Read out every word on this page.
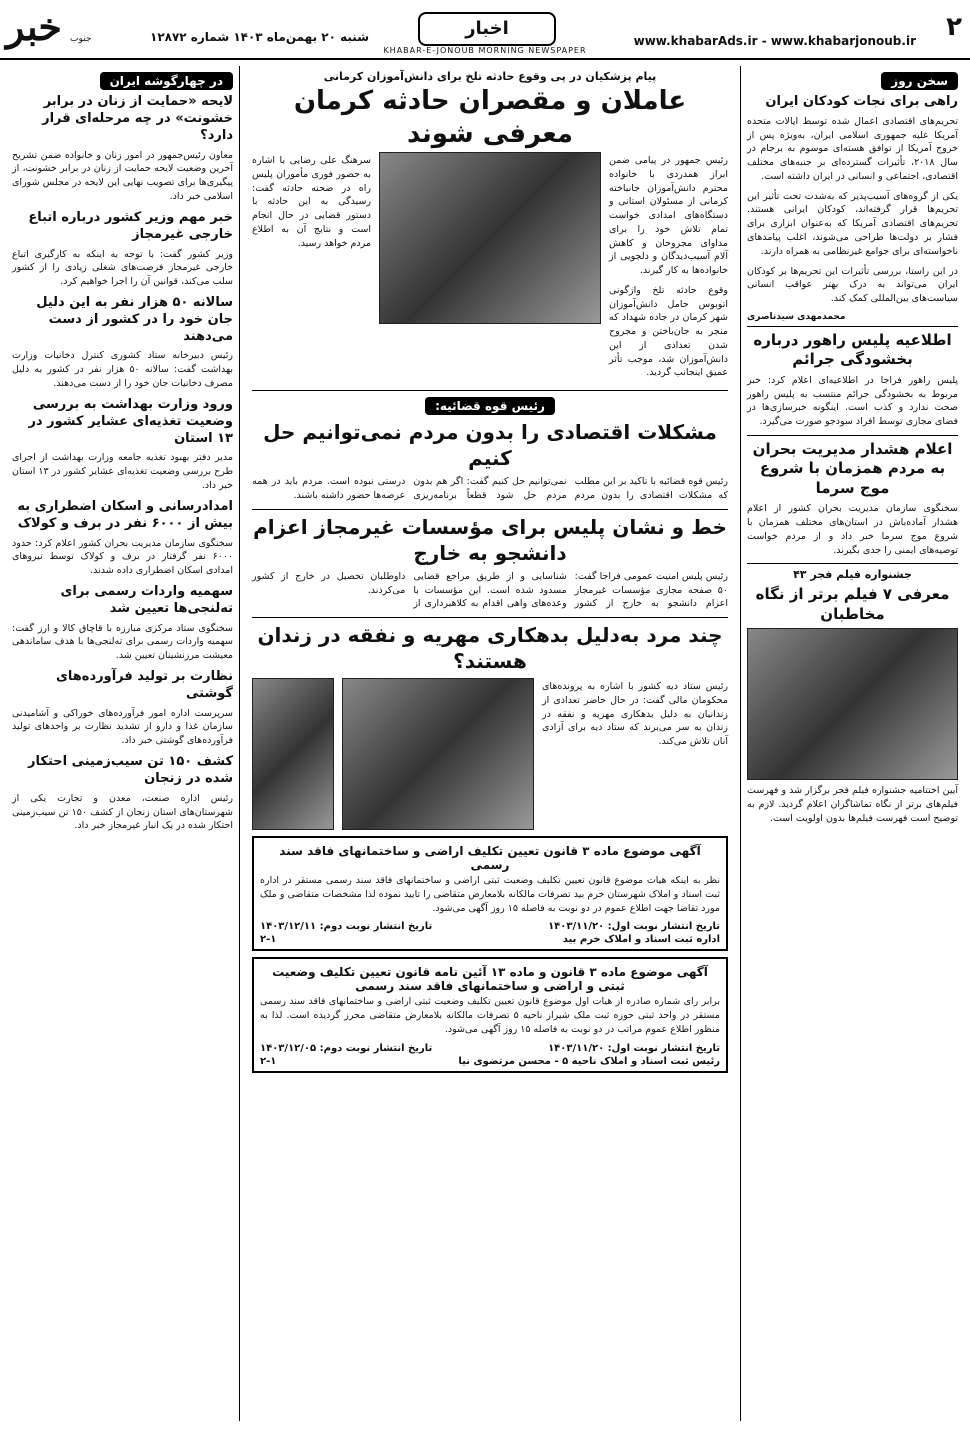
خبر جنوب	شنبه ۲۰ بهمن‌ماه ۱۴۰۳ شماره ۱۲۸۷۲	اخبار
KHABAR-E-JONOUB MORNING NEWSPAPER
www.khabarAds.ir - www.khabarjonoub.ir ۲
سخن روز
راهی برای نجات کودکان ایران

تحریم‌های اقتصادی اعمال شده توسط ایالات متحده آمریکا علیه جمهوری اسلامی ایران، به‌ویژه پس از خروج آمریکا از توافق هسته‌ای موسوم به برجام در سال ۲۰۱۸، تأثیرات گسترده‌ای بر جنبه‌های مختلف اقتصادی، اجتماعی و انسانی در ایران داشته است.

یکی از گروه‌های آسیب‌پذیر که به‌شدت تحت تأثیر این تحریم‌ها قرار گرفته‌اند، کودکان ایرانی هستند. تحریم‌های اقتصادی آمریکا که به‌عنوان ابزاری برای فشار بر دولت‌ها طراحی می‌شوند، اغلب پیامدهای ناخواسته‌ای برای جوامع غیرنظامی به همراه دارند.

در این راستا، بررسی تأثیرات این تحریم‌ها بر کودکان ایران می‌تواند به درک بهتر عواقب انسانی سیاست‌های بین‌المللی کمک کند.

محمدمهدی سیدناصری
اطلاعیه پلیس راهور درباره بخشودگی جرائم

پلیس راهور فراجا در اطلاعیه‌ای اعلام کرد: خبر مربوط به بخشودگی جرائم منتسب به پلیس راهور صحت ندارد و کذب است. اینگونه خبرسازی‌ها در فضای مجازی توسط افراد سودجو صورت می‌گیرد.

اعلام هشدار مدیریت بحران به مردم همزمان با شروع موج سرما

سخنگوی سازمان مدیریت بحران کشور از اعلام هشدار آماده‌باش در استان‌های مختلف همزمان با شروع موج سرما خبر داد و از مردم خواست توصیه‌های ایمنی را جدی بگیرند.

جشنواره فیلم فجر ۴۳
معرفی ۷ فیلم برتر از نگاه مخاطبان

آیین اختتامیه جشنواره فیلم فجر برگزار شد و فهرست فیلم‌های برتر از نگاه تماشاگران اعلام گردید. لازم به توضیح است فهرست فیلم‌ها بدون اولویت است.

در چهارگوشه ایران
لایحه «حمایت از زنان در برابر خشونت» در چه مرحله‌ای قرار دارد؟

معاون رئیس‌جمهور در امور زنان و خانواده ضمن تشریح آخرین وضعیت لایحه حمایت از زنان در برابر خشونت، از پیگیری‌ها برای تصویب نهایی این لایحه در مجلس شورای اسلامی خبر داد.

خبر مهم وزیر کشور درباره اتباع خارجی غیرمجاز

وزیر کشور گفت: با توجه به اینکه به کارگیری اتباع خارجی غیرمجاز فرصت‌های شغلی زیادی را از کشور سلب می‌کند، قوانین آن را اجرا خواهیم کرد.

سالانه ۵۰ هزار نفر به این دلیل جان خود را در کشور از دست می‌دهند

رئیس دبیرخانه ستاد کشوری کنترل دخانیات وزارت بهداشت گفت: سالانه ۵۰ هزار نفر در کشور به دلیل مصرف دخانیات جان خود را از دست می‌دهند.

ورود وزارت بهداشت به بررسی وضعیت تغذیه‌ای عشایر کشور در ۱۳ استان

مدیر دفتر بهبود تغذیه جامعه وزارت بهداشت از اجرای طرح بررسی وضعیت تغذیه‌ای عشایر کشور در ۱۳ استان خبر داد.

امدادرسانی و اسکان اضطراری به بیش از ۶۰۰۰ نفر در برف و کولاک

سخنگوی سازمان مدیریت بحران کشور اعلام کرد: حدود ۶۰۰۰ نفر گرفتار در برف و کولاک توسط نیروهای امدادی اسکان اضطراری داده شدند.

سهمیه واردات رسمی برای ته‌لنجی‌ها تعیین شد

سخنگوی ستاد مرکزی مبارزه با قاچاق کالا و ارز گفت: سهمیه واردات رسمی برای ته‌لنجی‌ها با هدف ساماندهی معیشت مرزنشینان تعیین شد.

نظارت بر تولید فرآورده‌های گوشتی

سرپرست اداره امور فرآورده‌های خوراکی و آشامیدنی سازمان غذا و دارو از تشدید نظارت بر واحدهای تولید فرآورده‌های گوشتی خبر داد.

کشف ۱۵۰ تن سیب‌زمینی احتکار شده در زنجان

رئیس اداره صنعت، معدن و تجارت یکی از شهرستان‌های استان زنجان از کشف ۱۵۰ تن سیب‌زمینی احتکار شده در یک انبار غیرمجاز خبر داد.

پیام پزشکیان در پی وقوع حادثه تلخ برای دانش‌آموزان کرمانی
عاملان و مقصران حادثه کرمان معرفی شوند

رئیس جمهور در پیامی ضمن ابراز همدردی با خانواده محترم دانش‌آموزان جانباخته کرمانی از مسئولان استانی و دستگاه‌های امدادی خواست تمام تلاش خود را برای مداوای مجروحان و کاهش آلام آسیب‌دیدگان و دلجویی از خانواده‌ها به کار گیرند.

وقوع حادثه تلخ واژگونی اتوبوس حامل دانش‌آموزان شهر کرمان در جاده شهداد که منجر به جان‌باختن و مجروح شدن تعدادی از این دانش‌آموزان شد، موجب تأثر عمیق اینجانب گردید.

سرهنگ علی رضایی با اشاره به حضور فوری مأموران پلیس راه در صحنه حادثه گفت: رسیدگی به این حادثه با دستور قضایی در حال انجام است و نتایج آن به اطلاع مردم خواهد رسید.

رئیس قوه قضائیه:
مشکلات اقتصادی را بدون مردم نمی‌توانیم حل کنیم

رئیس قوه قضائیه با تاکید بر این مطلب که مشکلات اقتصادی را بدون مردم نمی‌توانیم حل کنیم گفت: اگر هم بدون مردم حل شود قطعاً برنامه‌ریزی درستی نبوده است. مردم باید در همه عرصه‌ها حضور داشته باشند.

خط و نشان پلیس برای مؤسسات غیرمجاز اعزام دانشجو به خارج

رئیس پلیس امنیت عمومی فراجا گفت: ۵۰ صفحه مجازی مؤسسات غیرمجاز اعزام دانشجو به خارج از کشور شناسایی و از طریق مراجع قضایی مسدود شده است. این مؤسسات با وعده‌های واهی اقدام به کلاهبرداری از داوطلبان تحصیل در خارج از کشور می‌کردند.

چند مرد به‌دلیل بدهکاری مهریه و نفقه در زندان هستند؟

رئیس ستاد دیه کشور با اشاره به پرونده‌های محکومان مالی گفت: در حال حاضر تعدادی از زندانیان به دلیل بدهکاری مهریه و نفقه در زندان به سر می‌برند که ستاد دیه برای آزادی آنان تلاش می‌کند.

آگهی موضوع ماده ۳ قانون تعیین تکلیف اراضی و ساختمانهای فاقد سند رسمی

نظر به اینکه هیات موضوع قانون تعیین تکلیف وضعیت ثبتی اراضی و ساختمانهای فاقد سند رسمی مستقر در اداره ثبت اسناد و املاک شهرستان خرم بید تصرفات مالکانه بلامعارض متقاضی را تایید نموده لذا مشخصات متقاضی و ملک مورد تقاضا جهت اطلاع عموم در دو نوبت به فاصله ۱۵ روز آگهی می‌شود.

تاریخ انتشار نوبت اول: ۱۴۰۳/۱۱/۲۰
تاریخ انتشار نوبت دوم: ۱۴۰۳/۱۲/۱۱
اداره ثبت اسناد و املاک خرم بید
۲-۱
آگهی موضوع ماده ۳ قانون و ماده ۱۳ آئین نامه قانون تعیین تکلیف وضعیت ثبتی و اراضی و ساختمانهای فاقد سند رسمی

برابر رای شماره صادره از هیات اول موضوع قانون تعیین تکلیف وضعیت ثبتی اراضی و ساختمانهای فاقد سند رسمی مستقر در واحد ثبتی حوزه ثبت ملک شیراز ناحیه ۵ تصرفات مالکانه بلامعارض متقاضی محرز گردیده است. لذا به منظور اطلاع عموم مراتب در دو نوبت به فاصله ۱۵ روز آگهی می‌شود.

تاریخ انتشار نوبت اول: ۱۴۰۳/۱۱/۲۰
تاریخ انتشار نوبت دوم: ۱۴۰۳/۱۲/۰۵
رئیس ثبت اسناد و املاک ناحیه ۵ - محسن مرتضوی نیا
۲-۱
